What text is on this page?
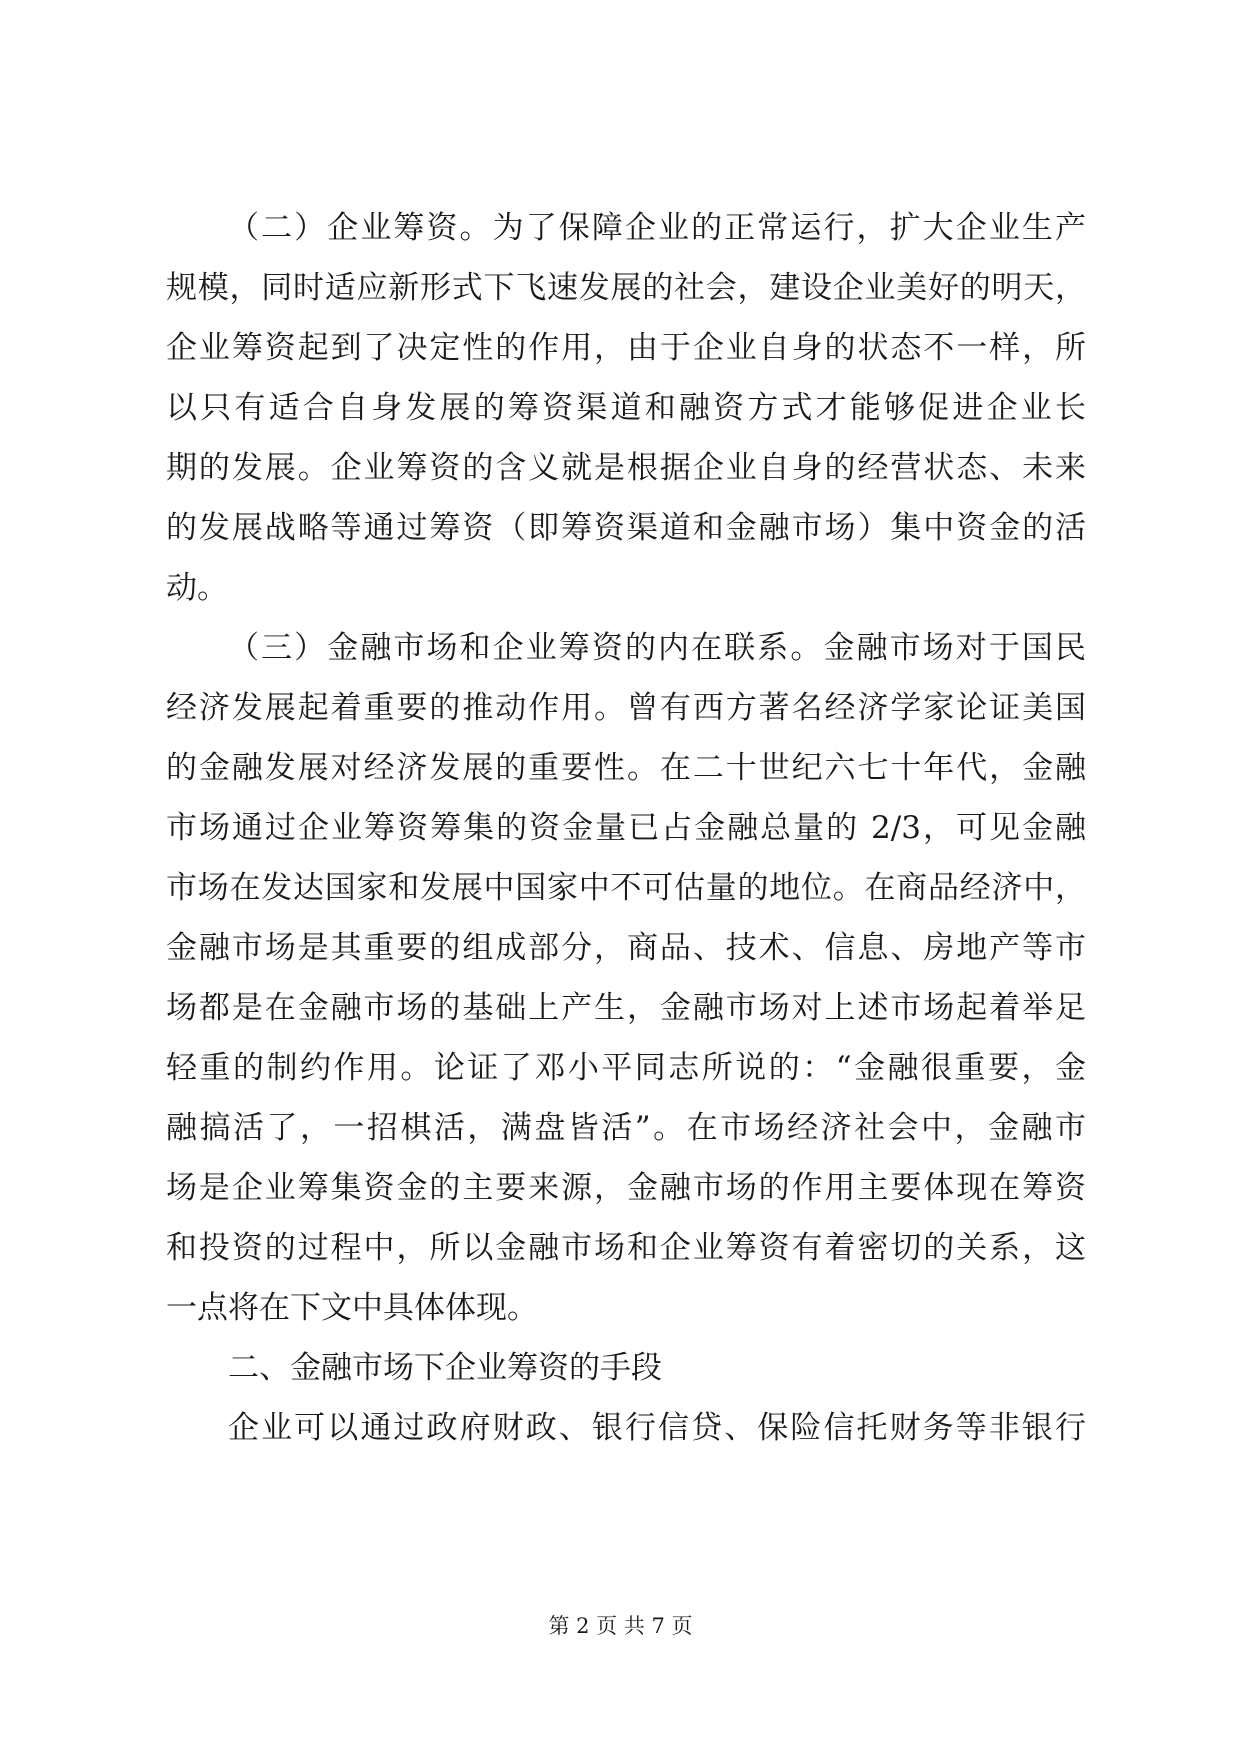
（二）企业筹资。为了保障企业的正常运行，扩大企业生产
规模，同时适应新形式下飞速发展的社会，建设企业美好的明天，
企业筹资起到了决定性的作用，由于企业自身的状态不一样，所
以只有适合自身发展的筹资渠道和融资方式才能够促进企业长
期的发展。企业筹资的含义就是根据企业自身的经营状态、未来
的发展战略等通过筹资（即筹资渠道和金融市场）集中资金的活
动。
（三）金融市场和企业筹资的内在联系。金融市场对于国民
经济发展起着重要的推动作用。曾有西方著名经济学家论证美国
的金融发展对经济发展的重要性。在二十世纪六七十年代，金融
市场通过企业筹资筹集的资金量已占金融总量的 2/3，可见金融
市场在发达国家和发展中国家中不可估量的地位。在商品经济中，
金融市场是其重要的组成部分，商品、技术、信息、房地产等市
场都是在金融市场的基础上产生，金融市场对上述市场起着举足
轻重的制约作用。论证了邓小平同志所说的：“金融很重要，金
融搞活了，一招棋活，满盘皆活”。在市场经济社会中，金融市
场是企业筹集资金的主要来源，金融市场的作用主要体现在筹资
和投资的过程中，所以金融市场和企业筹资有着密切的关系，这
一点将在下文中具体体现。
二、金融市场下企业筹资的手段
企业可以通过政府财政、银行信贷、保险信托财务等非银行
第 2 页 共 7 页
